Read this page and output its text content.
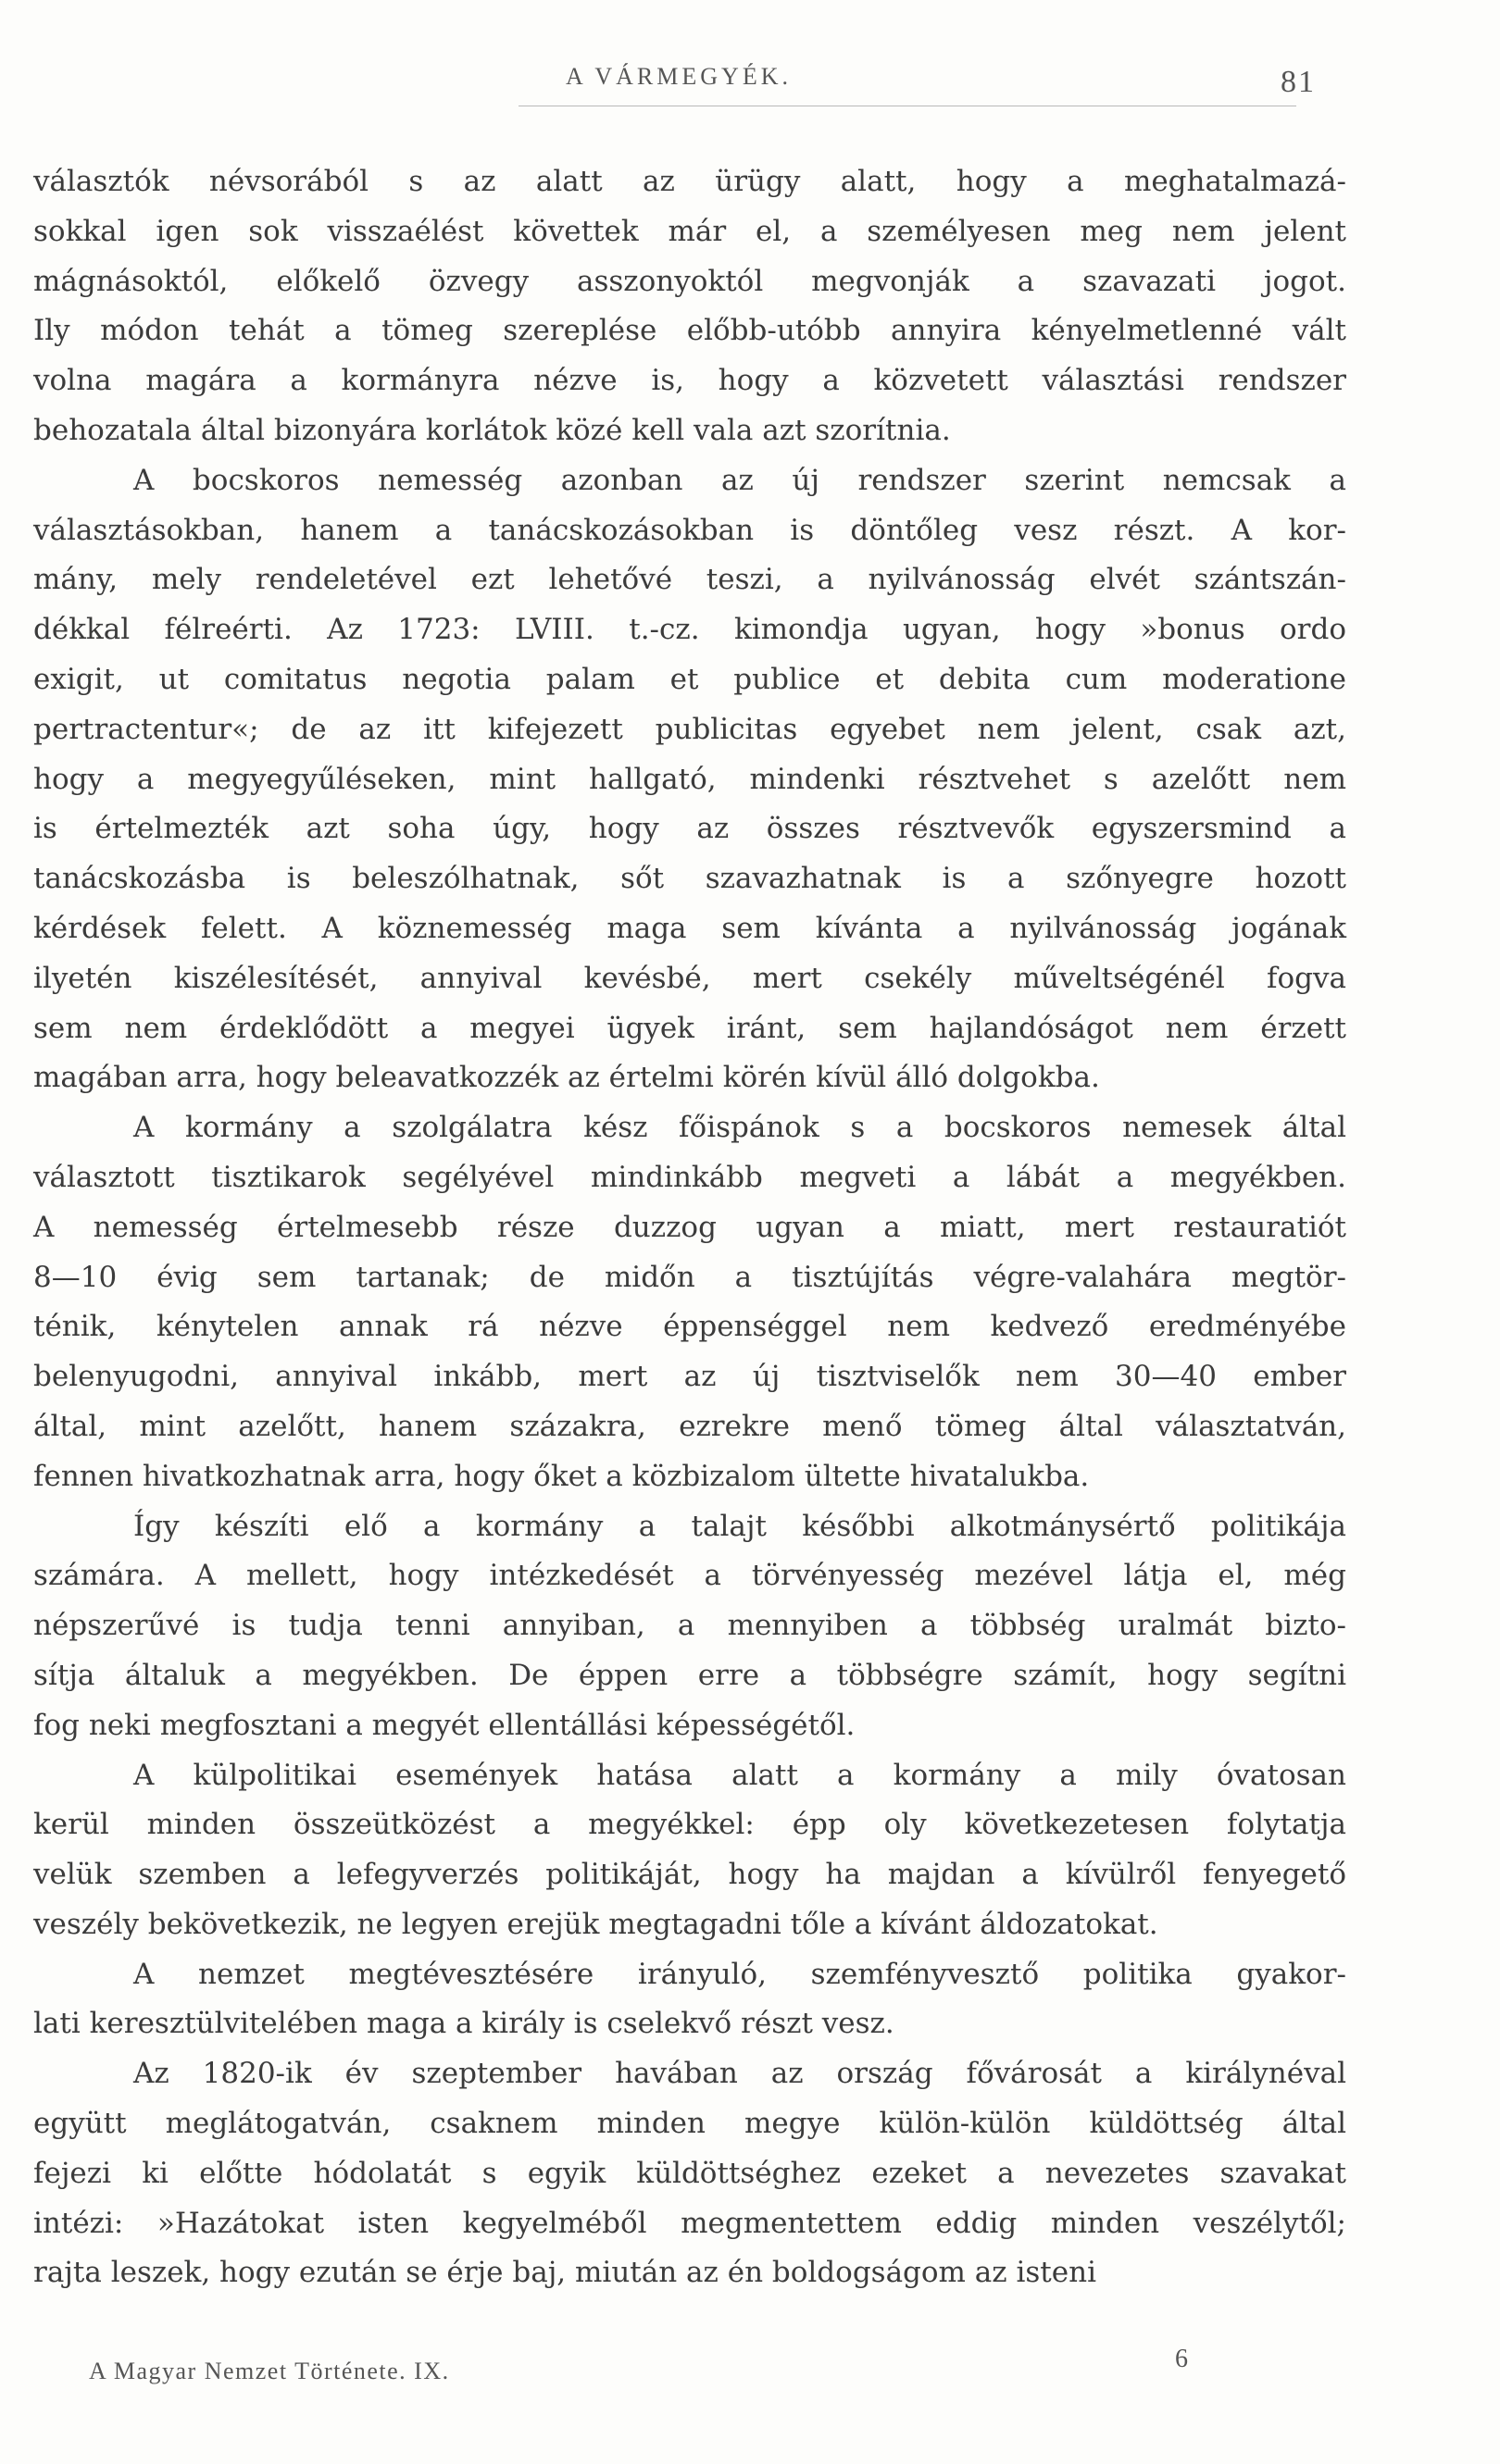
A VÁRMEGYÉK.	81
választók névsorából s az alatt az ürügy alatt, hogy a meghatalmazá-
sokkal igen sok visszaélést követtek már el, a személyesen meg nem jelent
mágnásoktól, előkelő özvegy asszonyoktól megvonják a szavazati jogot.
Ily módon tehát a tömeg szereplése előbb-utóbb annyira kényelmetlenné vált
volna magára a kormányra nézve is, hogy a közvetett választási rendszer
behozatala által bizonyára korlátok közé kell vala azt szorítnia.
A bocskoros nemesség azonban az új rendszer szerint nemcsak a
választásokban, hanem a tanácskozásokban is döntőleg vesz részt. A kor-
mány, mely rendeletével ezt lehetővé teszi, a nyilvánosság elvét szántszán-
dékkal félreérti. Az 1723: LVIII. t.-cz. kimondja ugyan, hogy »bonus ordo
exigit, ut comitatus negotia palam et publice et debita cum moderatione
pertractentur«; de az itt kifejezett publicitas egyebet nem jelent, csak azt,
hogy a megyegyűléseken, mint hallgató, mindenki résztvehet s azelőtt nem
is értelmezték azt soha úgy, hogy az összes résztvevők egyszersmind a
tanácskozásba is beleszólhatnak, sőt szavazhatnak is a szőnyegre hozott
kérdések felett. A köznemesség maga sem kívánta a nyilvánosság jogának
ilyetén kiszélesítését, annyival kevésbé, mert csekély műveltségénél fogva
sem nem érdeklődött a megyei ügyek iránt, sem hajlandóságot nem érzett
magában arra, hogy beleavatkozzék az értelmi körén kívül álló dolgokba.
A kormány a szolgálatra kész főispánok s a bocskoros nemesek által
választott tisztikarok segélyével mindinkább megveti a lábát a megyékben.
A nemesség értelmesebb része duzzog ugyan a miatt, mert restauratiót
8—10 évig sem tartanak; de midőn a tisztújítás végre-valahára megtör-
ténik, kénytelen annak rá nézve éppenséggel nem kedvező eredményébe
belenyugodni, annyival inkább, mert az új tisztviselők nem 30—40 ember
által, mint azelőtt, hanem százakra, ezrekre menő tömeg által választatván,
fennen hivatkozhatnak arra, hogy őket a közbizalom ültette hivatalukba.
Így készíti elő a kormány a talajt későbbi alkotmánysértő politikája
számára. A mellett, hogy intézkedését a törvényesség mezével látja el, még
népszerűvé is tudja tenni annyiban, a mennyiben a többség uralmát bizto-
sítja általuk a megyékben. De éppen erre a többségre számít, hogy segítni
fog neki megfosztani a megyét ellentállási képességétől.
A külpolitikai események hatása alatt a kormány a mily óvatosan
kerül minden összeütközést a megyékkel: épp oly következetesen folytatja
velük szemben a lefegyverzés politikáját, hogy ha majdan a kívülről fenyegető
veszély bekövetkezik, ne legyen erejük megtagadni tőle a kívánt áldozatokat.
A nemzet megtévesztésére irányuló, szemfényvesztő politika gyakor-
lati keresztülvitelében maga a király is cselekvő részt vesz.
Az 1820-ik év szeptember havában az ország fővárosát a királynéval
együtt meglátogatván, csaknem minden megye külön-külön küldöttség által
fejezi ki előtte hódolatát s egyik küldöttséghez ezeket a nevezetes szavakat
intézi: »Hazátokat isten kegyelméből megmentettem eddig minden veszélytől;
rajta leszek, hogy ezután se érje baj, miután az én boldogságom az isteni
A Magyar Nemzet Története. IX.	6
